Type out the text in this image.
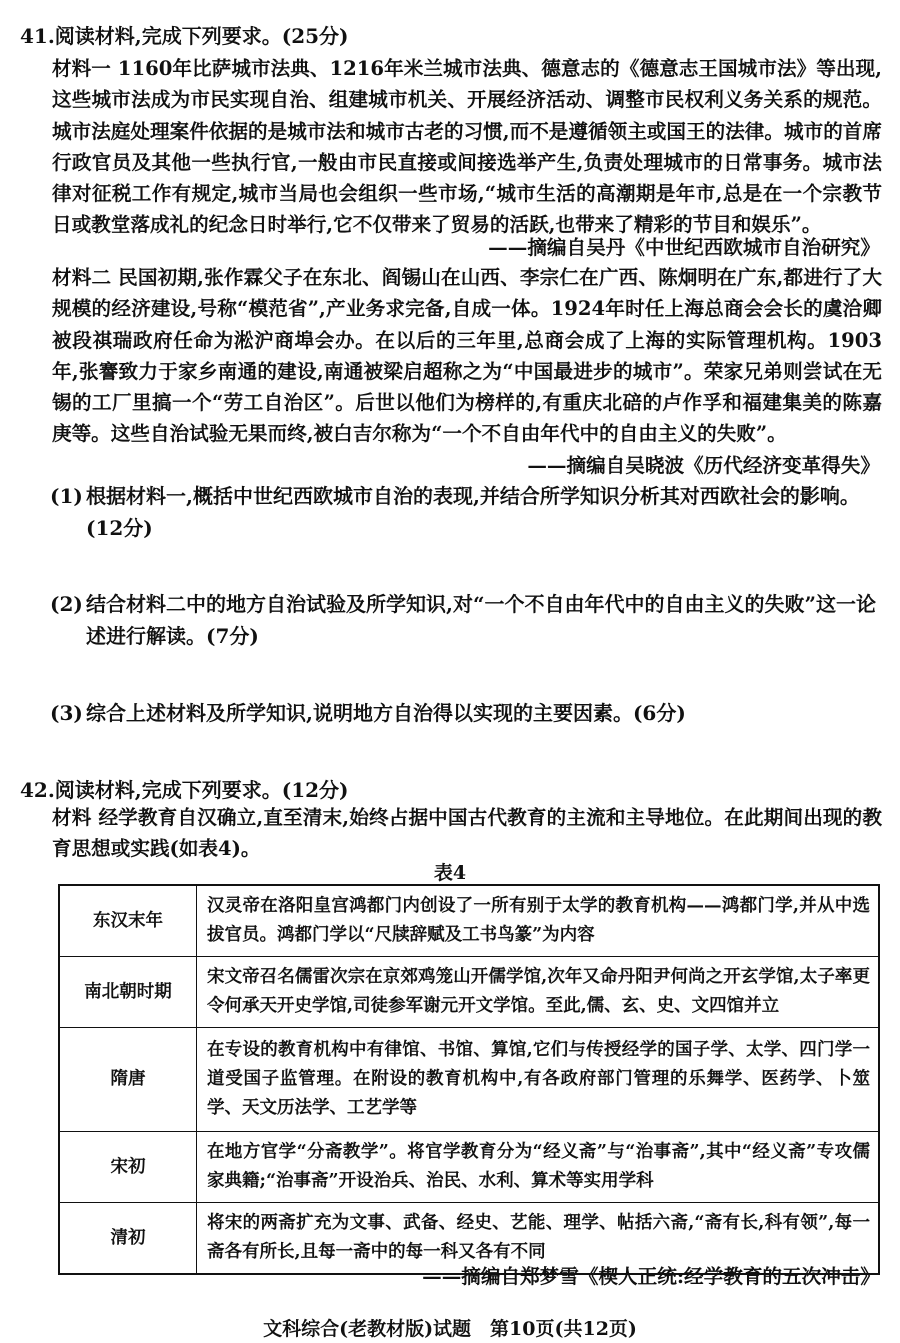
41.阅读材料,完成下列要求。(25分)
材料一 1160年比萨城市法典、1216年米兰城市法典、德意志的《德意志王国城市法》等出现,这些城市法成为市民实现自治、组建城市机关、开展经济活动、调整市民权利义务关系的规范。城市法庭处理案件依据的是城市法和城市古老的习惯,而不是遵循领主或国王的法律。城市的首席行政官员及其他一些执行官,一般由市民直接或间接选举产生,负责处理城市的日常事务。城市法律对征税工作有规定,城市当局也会组织一些市场,“城市生活的高潮期是年市,总是在一个宗教节日或教堂落成礼的纪念日时举行,它不仅带来了贸易的活跃,也带来了精彩的节目和娱乐”。
——摘编自吴丹《中世纪西欧城市自治研究》
材料二 民国初期,张作霖父子在东北、阎锡山在山西、李宗仁在广西、陈炯明在广东,都进行了大规模的经济建设,号称“模范省”,产业务求完备,自成一体。1924年时任上海总商会会长的虞洽卿被段祺瑞政府任命为淞沪商埠会办。在以后的三年里,总商会成了上海的实际管理机构。1903年,张謇致力于家乡南通的建设,南通被梁启超称之为“中国最进步的城市”。荣家兄弟则尝试在无锡的工厂里搞一个“劳工自治区”。后世以他们为榜样的,有重庆北碚的卢作孚和福建集美的陈嘉庚等。这些自治试验无果而终,被白吉尔称为“一个不自由年代中的自由主义的失败”。
——摘编自吴晓波《历代经济变革得失》
(1) 根据材料一,概括中世纪西欧城市自治的表现,并结合所学知识分析其对西欧社会的影响。(12分)
(2) 结合材料二中的地方自治试验及所学知识,对“一个不自由年代中的自由主义的失败”这一论述进行解读。(7分)
(3) 综合上述材料及所学知识,说明地方自治得以实现的主要因素。(6分)
42.阅读材料,完成下列要求。(12分)
材料 经学教育自汉确立,直至清末,始终占据中国古代教育的主流和主导地位。在此期间出现的教育思想或实践(如表4)。
表4
东汉末年	汉灵帝在洛阳皇宫鸿都门内创设了一所有别于太学的教育机构——鸿都门学,并从中选拔官员。鸿都门学以“尺牍辞赋及工书鸟篆”为内容
南北朝时期	宋文帝召名儒雷次宗在京郊鸡笼山开儒学馆,次年又命丹阳尹何尚之开玄学馆,太子率更令何承天开史学馆,司徒参军谢元开文学馆。至此,儒、玄、史、文四馆并立
隋唐	在专设的教育机构中有律馆、书馆、算馆,它们与传授经学的国子学、太学、四门学一道受国子监管理。在附设的教育机构中,有各政府部门管理的乐舞学、医药学、卜筮学、天文历法学、工艺学等
宋初	在地方官学“分斋教学”。将官学教育分为“经义斋”与“治事斋”,其中“经义斋”专攻儒家典籍;“治事斋”开设治兵、治民、水利、算术等实用学科
清初	将宋的两斋扩充为文事、武备、经史、艺能、理学、帖括六斋,“斋有长,科有领”,每一斋各有所长,且每一斋中的每一科又各有不同
——摘编自郑梦雪《楔人正统:经学教育的五次冲击》
文科综合(老教材版)试题　第10页(共12页)
